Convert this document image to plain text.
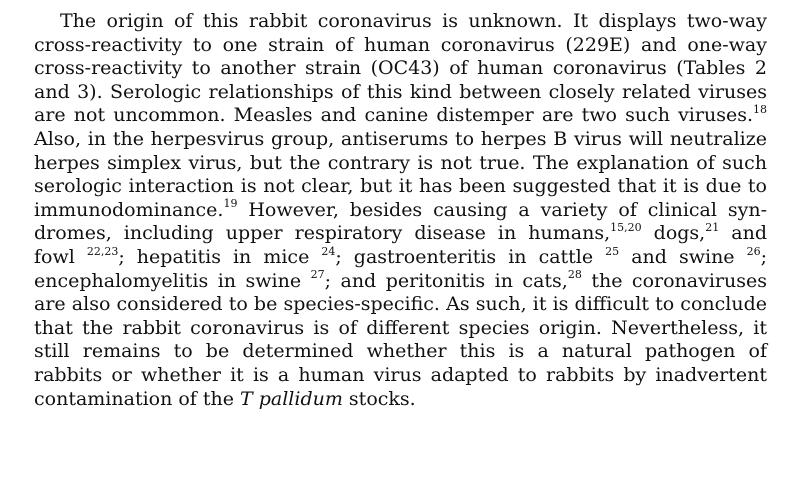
The origin of this rabbit coronavirus is unknown. It displays two-way
cross-reactivity to one strain of human coronavirus (229E) and one-way
cross-reactivity to another strain (OC43) of human coronavirus (Tables 2
and 3). Serologic relationships of this kind between closely related viruses
are not uncommon. Measles and canine distemper are two such viruses.$^{18}$
Also, in the herpesvirus group, antiserums to herpes B virus will neutralize
herpes simplex virus, but the contrary is not true. The explanation of such
serologic interaction is not clear, but it has been suggested that it is due to
immunodominance.$^{19}$ However, besides causing a variety of clinical syn-
dromes, including upper respiratory disease in humans,$^{15,20}$ dogs,$^{21}$ and
fowl $^{22,23}$; hepatitis in mice $^{24}$; gastroenteritis in cattle $^{25}$ and swine $^{26}$;
encephalomyelitis in swine $^{27}$; and peritonitis in cats,$^{28}$ the coronaviruses
are also considered to be species-specific. As such, it is difficult to conclude
that the rabbit coronavirus is of different species origin. Nevertheless, it
still remains to be determined whether this is a natural pathogen of
rabbits or whether it is a human virus adapted to rabbits by inadvertent
contamination of the T pallidum stocks.
